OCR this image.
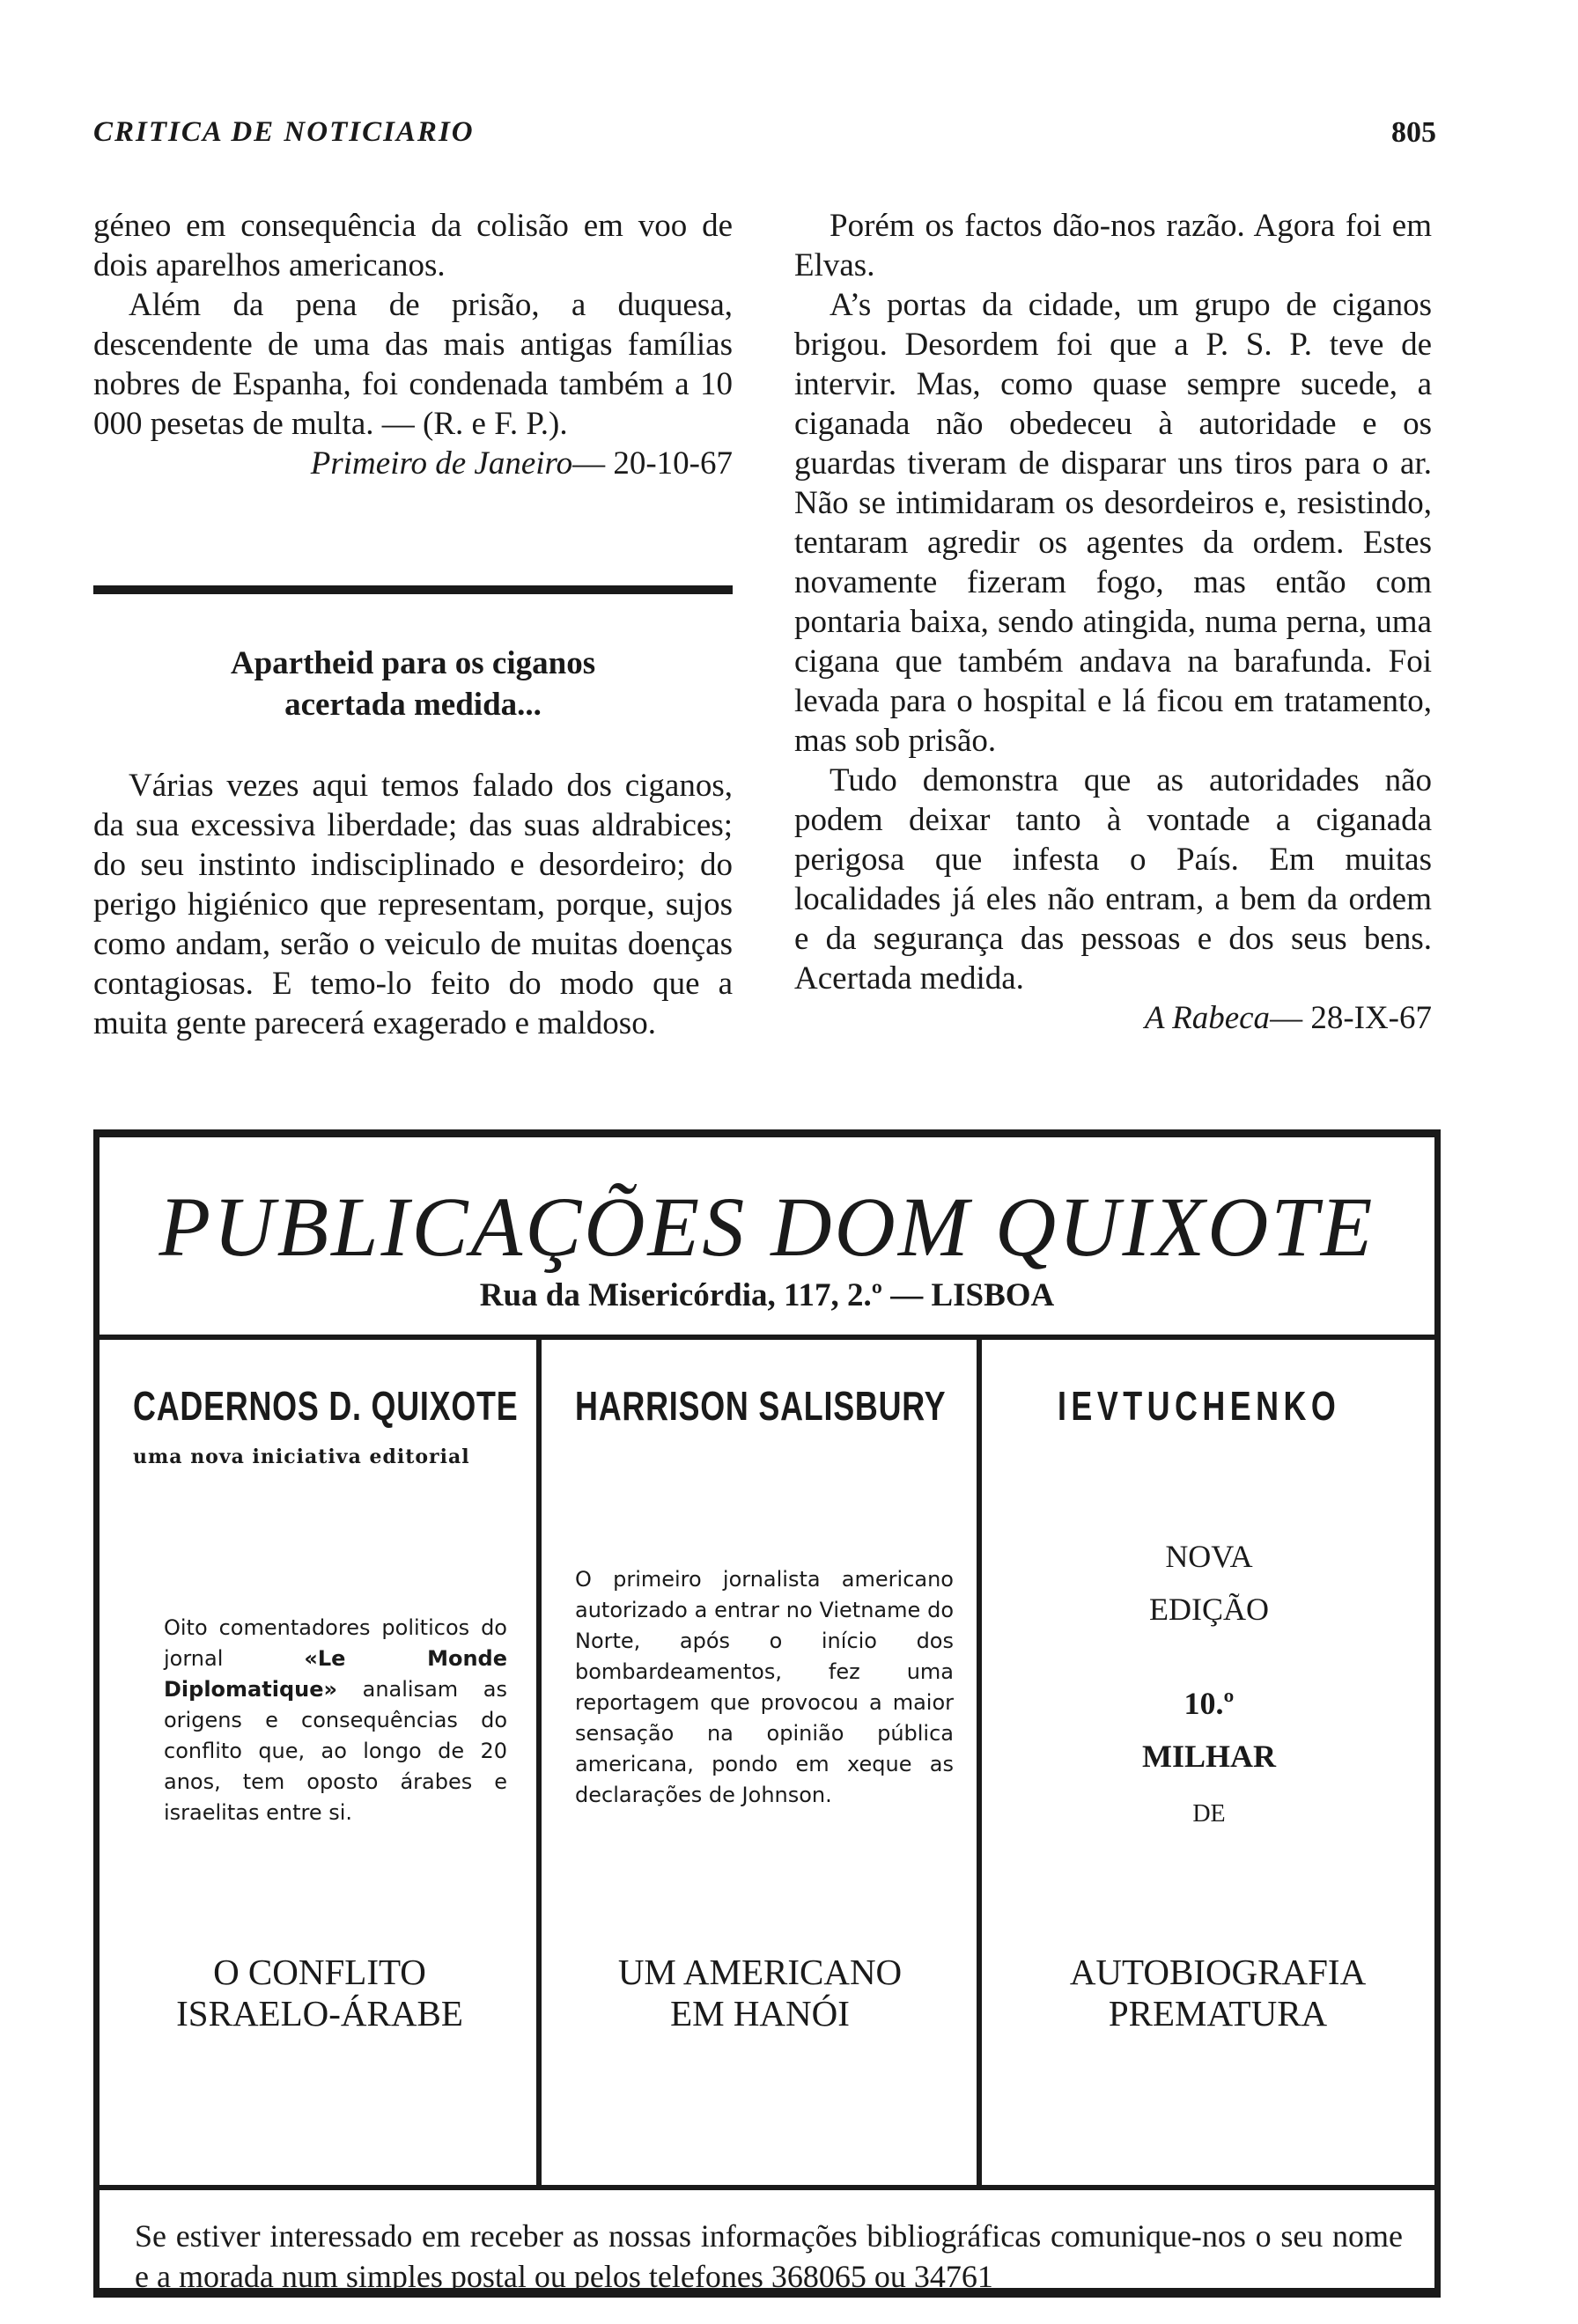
CRITICA DE NOTICIARIO	805

géneo em consequência da colisão em voo de dois aparelhos americanos.

Além da pena de prisão, a duquesa, descendente de uma das mais antigas famílias nobres de Espanha, foi condenada também a 10 000 pesetas de multa. — (R. e F. P.).

Primeiro de Janeiro— 20-10-67

Apartheid para os ciganos
acertada medida...

Várias vezes aqui temos falado dos ciganos, da sua excessiva liberdade; das suas aldrabices; do seu instinto indisciplinado e desordeiro; do perigo higiénico que representam, porque, sujos como andam, serão o veiculo de muitas doenças contagiosas. E temo-lo feito do modo que a muita gente parecerá exagerado e maldoso.

Porém os factos dão-nos razão. Agora foi em Elvas.

A’s portas da cidade, um grupo de ciganos brigou. Desordem foi que a P. S. P. teve de intervir. Mas, como quase sempre sucede, a ciganada não obedeceu à autoridade e os guardas tiveram de disparar uns tiros para o ar. Não se intimidaram os desordeiros e, resistindo, tentaram agredir os agentes da ordem. Estes novamente fizeram fogo, mas então com pontaria baixa, sendo atingida, numa perna, uma cigana que também andava na barafunda. Foi levada para o hospital e lá ficou em tratamento, mas sob prisão.

Tudo demonstra que as autoridades não podem deixar tanto à vontade a ciganada perigosa que infesta o País. Em muitas localidades já eles não entram, a bem da ordem e da segurança das pessoas e dos seus bens. Acertada medida.

A Rabeca— 28-IX-67

PUBLICAÇÕES DOM QUIXOTE
Rua da Misericórdia, 117, 2.º — LISBOA
CADERNOS D. QUIXOTE
uma nova iniciativa editorial
Oito comentadores politicos do jornal «Le Monde Diplomatique» analisam as origens e consequências do conflito que, ao longo de 20 anos, tem oposto árabes e israelitas entre si.
O CONFLITO
ISRAELO-ÁRABE
HARRISON SALISBURY
O primeiro jornalista americano autorizado a entrar no Vietname do Norte, após o início dos bombardeamentos, fez uma reportagem que provocou a maior sensação na opinião pública americana, pondo em xeque as declarações de Johnson.
UM AMERICANO
EM HANÓI
IEVTUCHENKO
NOVA
EDIÇÃO
10.º
MILHAR
DE
AUTOBIOGRAFIA
PREMATURA
Se estiver interessado em receber as nossas informações bibliográficas comunique-nos o seu nome e a morada num simples postal ou pelos telefones 368065 ou 34761
